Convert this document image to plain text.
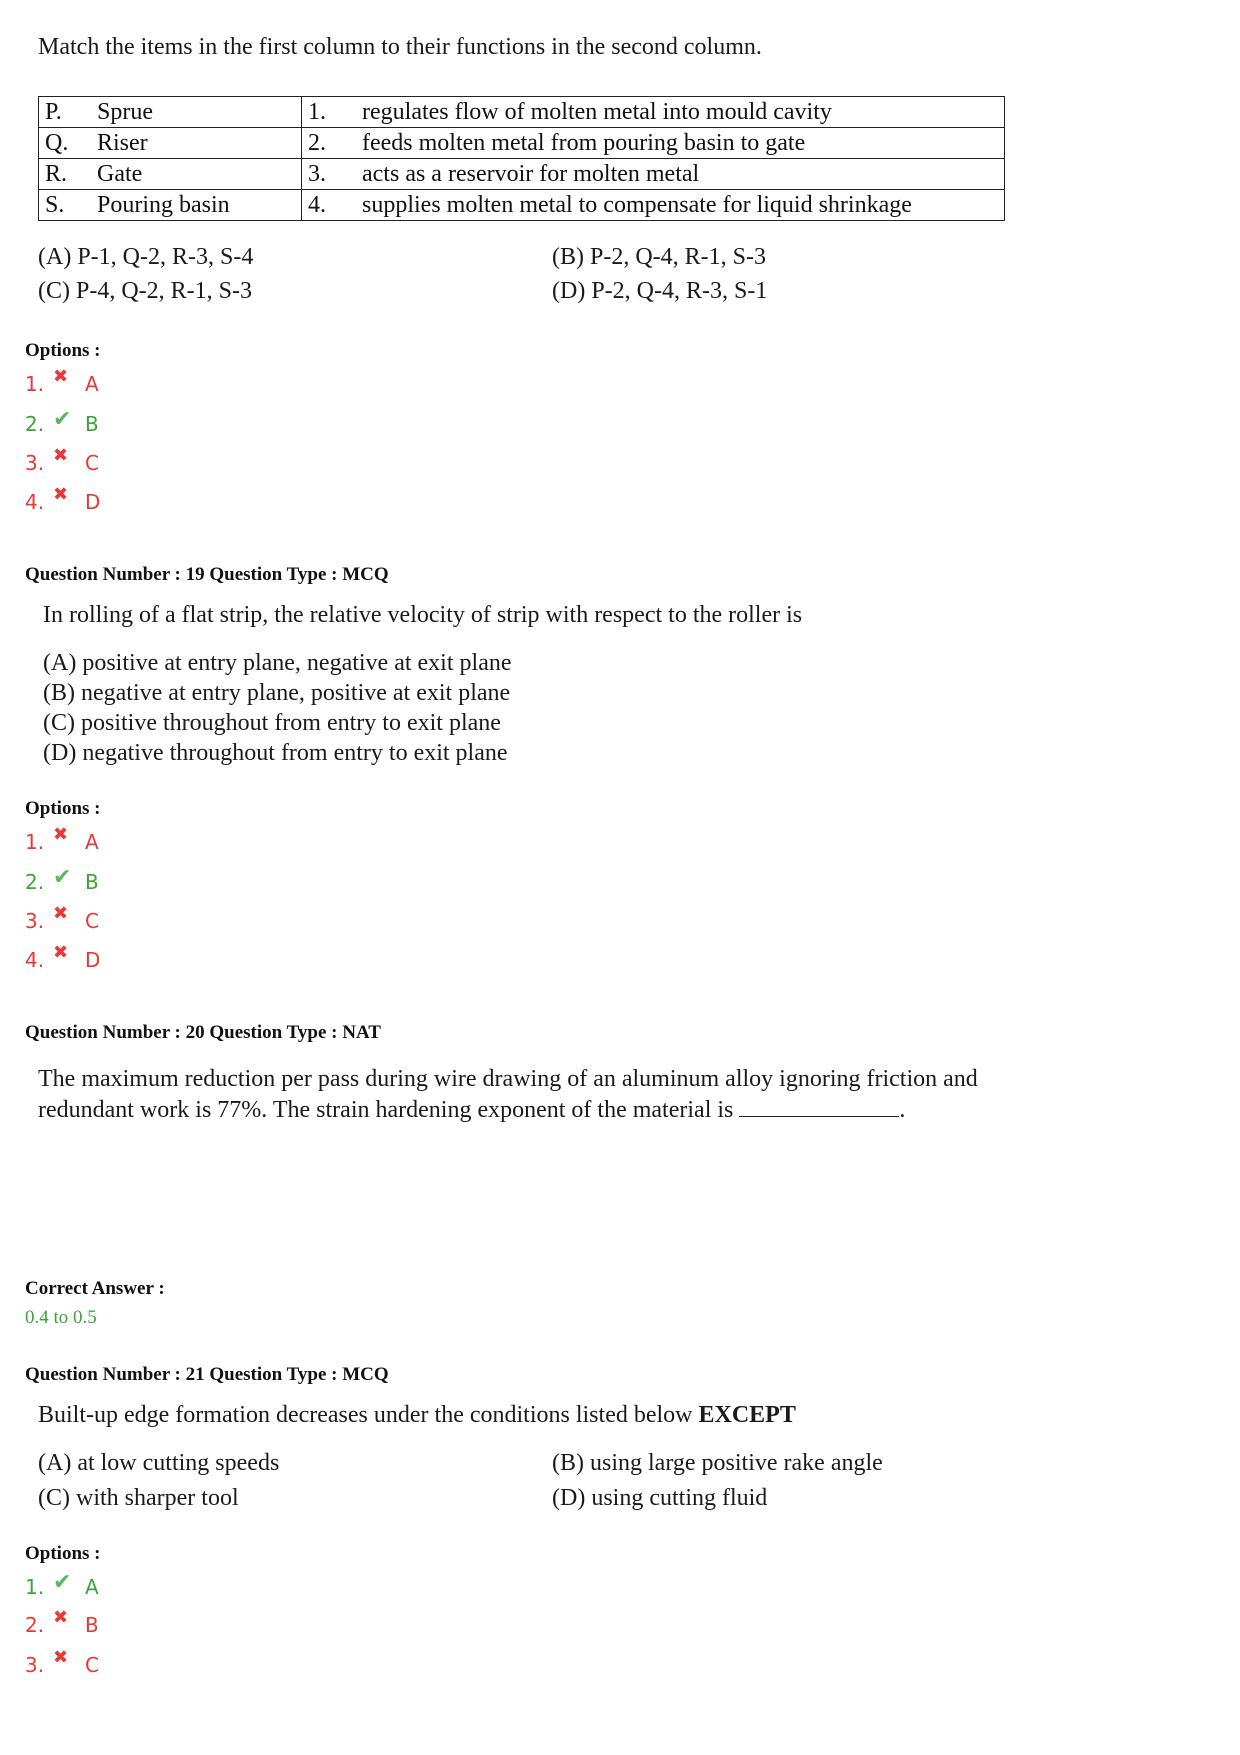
Match the items in the first column to their functions in the second column.
P. Sprue	1. regulates flow of molten metal into mould cavity
Q. Riser	2. feeds molten metal from pouring basin to gate
R. Gate	3. acts as a reservoir for molten metal
S. Pouring basin	4. supplies molten metal to compensate for liquid shrinkage
(A) P-1, Q-2, R-3, S-4	(B) P-2, Q-4, R-1, S-3
(C) P-4, Q-2, R-1, S-3	(D) P-2, Q-4, R-3, S-1
Options :
1. ✖ A
2. ✔ B
3. ✖ C
4. ✖ D
Question Number : 19 Question Type : MCQ
In rolling of a flat strip, the relative velocity of strip with respect to the roller is
(A) positive at entry plane, negative at exit plane
(B) negative at entry plane, positive at exit plane
(C) positive throughout from entry to exit plane
(D) negative throughout from entry to exit plane
Options :
1. ✖ A
2. ✔ B
3. ✖ C
4. ✖ D
Question Number : 20 Question Type : NAT
The maximum reduction per pass during wire drawing of an aluminum alloy ignoring friction and
redundant work is 77%. The strain hardening exponent of the material is	.
Correct Answer :
0.4 to 0.5
Question Number : 21 Question Type : MCQ
Built-up edge formation decreases under the conditions listed below EXCEPT
(A) at low cutting speeds	(B) using large positive rake angle
(C) with sharper tool	(D) using cutting fluid
Options :
1. ✔ A
2. ✖ B
3. ✖ C
